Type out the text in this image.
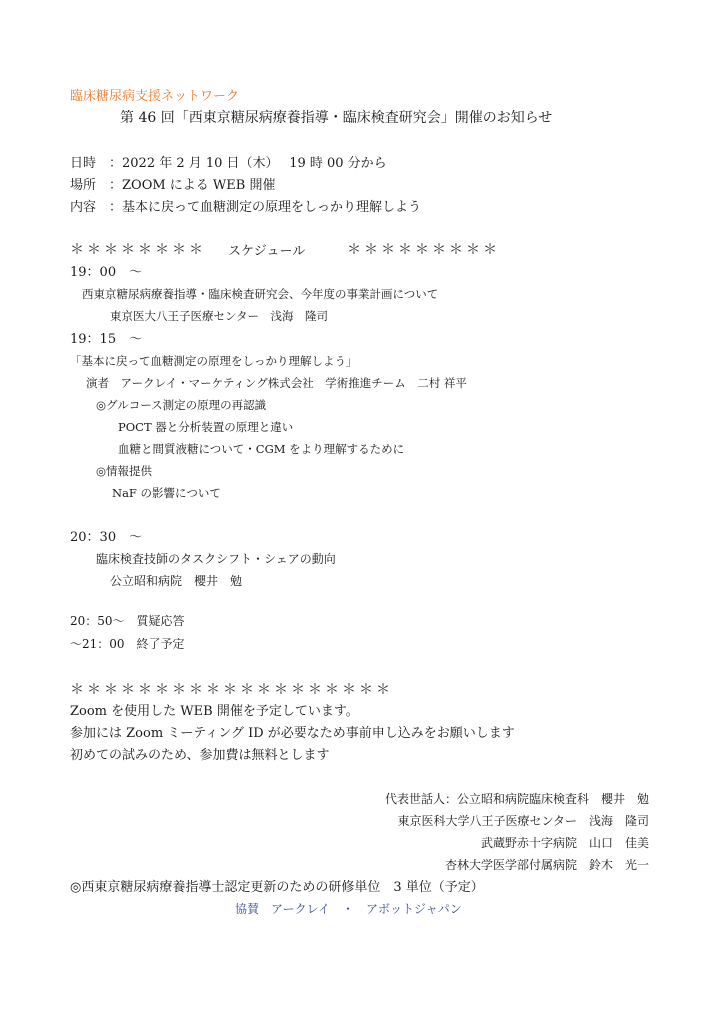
臨床糖尿病支援ネットワーク
第 46 回「西東京糖尿病療養指導・臨床検査研究会」開催のお知らせ
日時　：2022 年 2 月 10 日（木）　 19 時 00 分から
場所　：ZOOM による WEB 開催
内容　：基本に戻って血糖測定の原理をしっかり理解しよう
＊＊＊＊＊＊＊＊ スケジュール	＊＊＊＊＊＊＊＊＊
19：00　～
西東京糖尿病療養指導・臨床検査研究会、今年度の事業計画について
東京医大八王子医療センター　浅海　隆司
19：15　～
「基本に戻って血糖測定の原理をしっかり理解しよう」
演者　アークレイ・マーケティング株式会社　学術推進チーム　二村 祥平
◎グルコース測定の原理の再認識
POCT 器と分析装置の原理と違い
血糖と間質液糖について・CGM をより理解するために
◎情報提供
NaF の影響について
20：30　～
臨床検査技師のタスクシフト・シェアの動向
公立昭和病院　櫻井　勉
20：50～　質疑応答
～21：00　終了予定
＊＊＊＊＊＊＊＊＊＊＊＊＊＊＊＊＊＊＊
Zoom を使用した WEB 開催を予定しています。
参加には Zoom ミーティング ID が必要なため事前申し込みをお願いします
初めての試みのため、参加費は無料とします
代表世話人：公立昭和病院臨床検査科　櫻井　勉
東京医科大学八王子医療センター　浅海　隆司
武蔵野赤十字病院　山口　佳美
杏林大学医学部付属病院　鈴木　光一
◎西東京糖尿病療養指導士認定更新のための研修単位　3 単位（予定）
協賛　アークレイ　・　アボットジャパン
